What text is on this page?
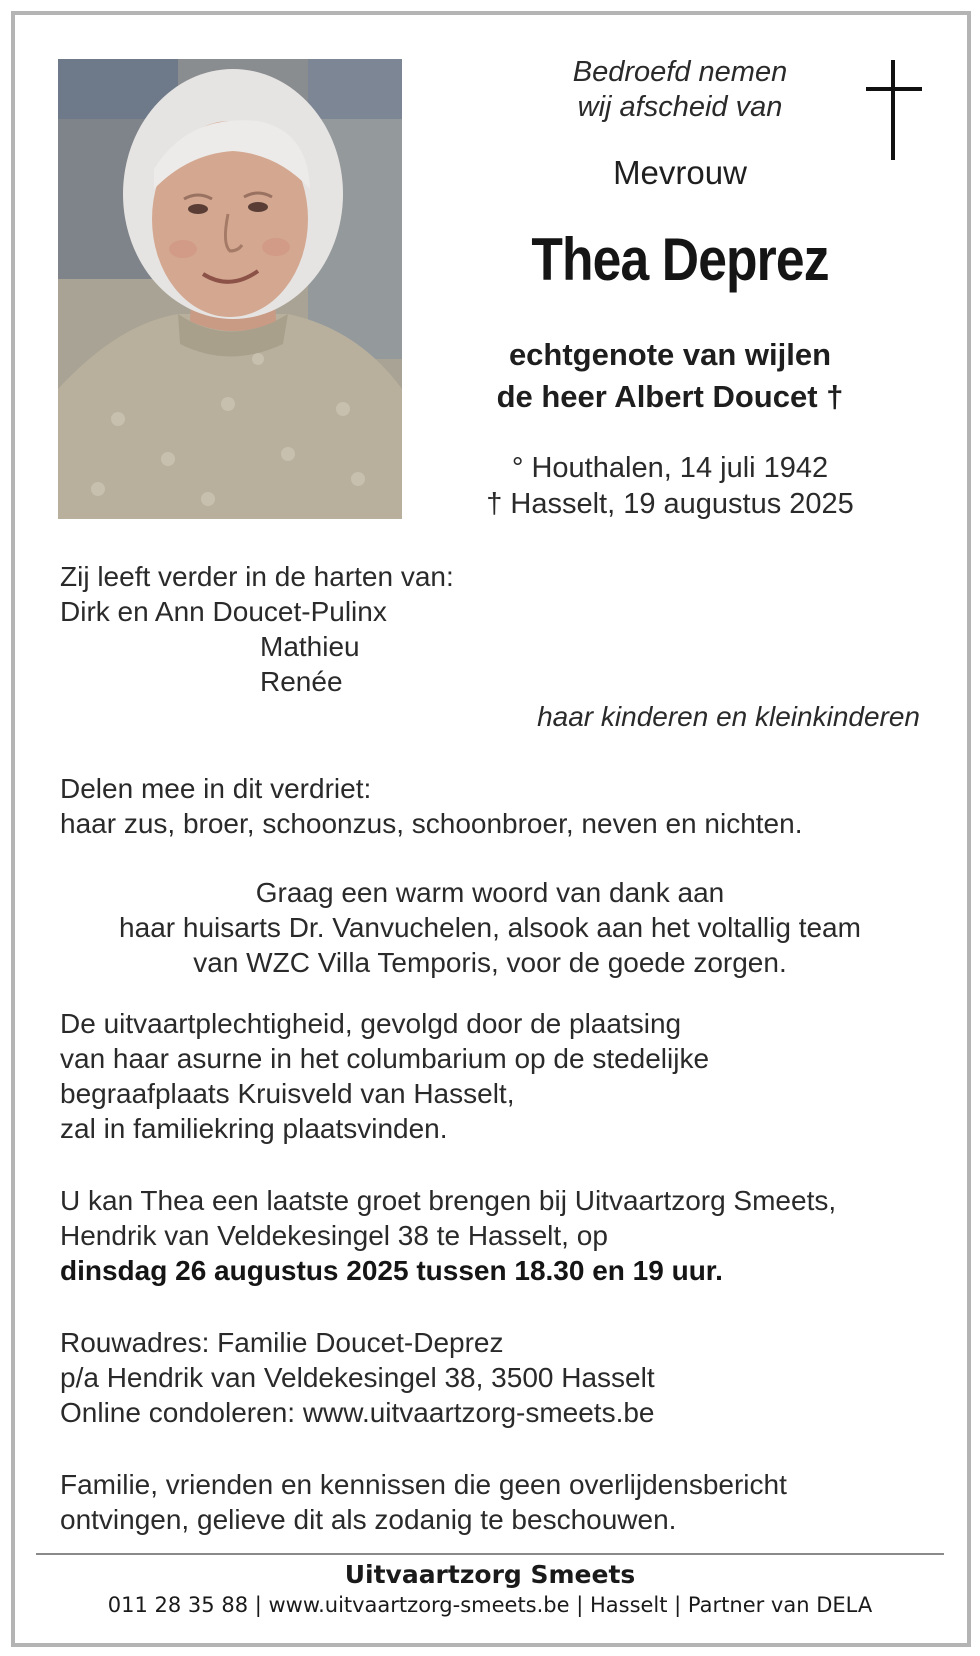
Bedroefd nemen
wij afscheid van
Mevrouw
Thea Deprez
echtgenote van wijlen
de heer Albert Doucet †
° Houthalen, 14 juli 1942
† Hasselt, 19 augustus 2025
Zij leeft verder in de harten van:
Dirk en Ann Doucet-Pulinx
Mathieu
Renée
haar kinderen en kleinkinderen
Delen mee in dit verdriet:
haar zus, broer, schoonzus, schoonbroer, neven en nichten.
Graag een warm woord van dank aan
haar huisarts Dr. Vanvuchelen, alsook aan het voltallig team
van WZC Villa Temporis, voor de goede zorgen.
De uitvaartplechtigheid, gevolgd door de plaatsing
van haar asurne in het columbarium op de stedelijke
begraafplaats Kruisveld van Hasselt,
zal in familiekring plaatsvinden.
U kan Thea een laatste groet brengen bij Uitvaartzorg Smeets,
Hendrik van Veldekesingel 38 te Hasselt, op
dinsdag 26 augustus 2025 tussen 18.30 en 19 uur.
Rouwadres: Familie Doucet-Deprez
p/a Hendrik van Veldekesingel 38, 3500 Hasselt
Online condoleren: www.uitvaartzorg-smeets.be
Familie, vrienden en kennissen die geen overlijdensbericht
ontvingen, gelieve dit als zodanig te beschouwen.
Uitvaartzorg Smeets
011 28 35 88 | www.uitvaartzorg-smeets.be | Hasselt | Partner van DELA
